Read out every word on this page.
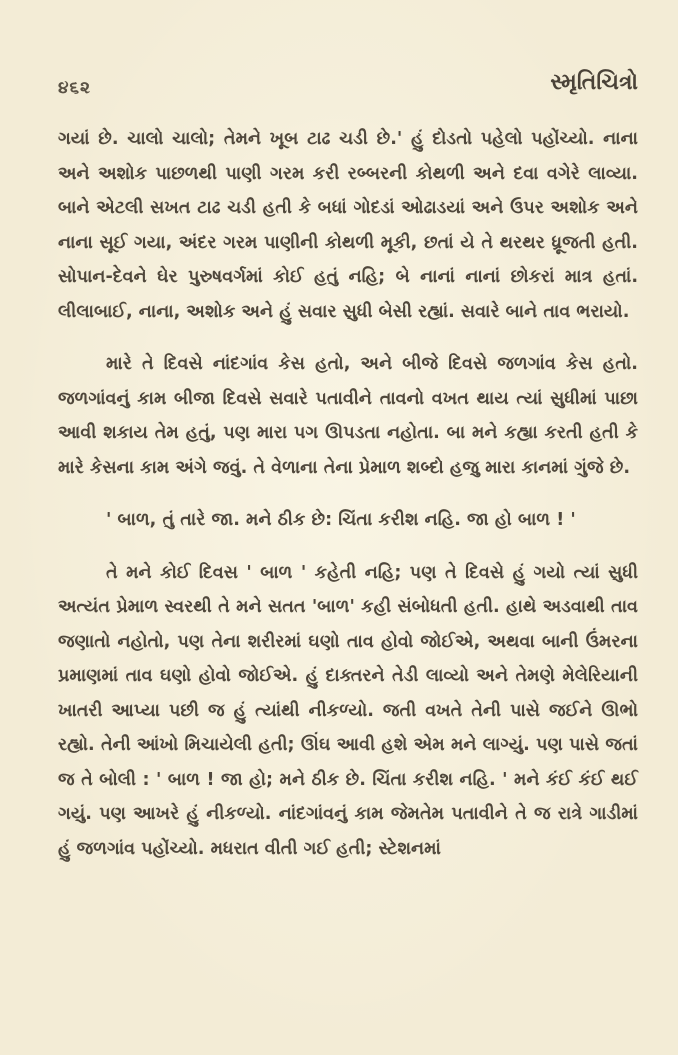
૪૬૨	સ્મૃતિચિત્રો

ગયાં છે. ચાલો ચાલો; તેમને ખૂબ ટાઢ ચડી છે.' હું દોડતો પહેલો પહોંચ્યો. નાના અને અશોક પાછળથી પાણી ગરમ કરી રબ્બરની કોથળી અને દવા વગેરે લાવ્યા. બાને એટલી સખત ટાઢ ચડી હતી કે બધાં ગોદડાં ઓઢાડયાં અને ઉપર અશોક અને નાના સૂઈ ગયા, અંદર ગરમ પાણીની કોથળી મૂકી, છતાં યે તે થરથર ધ્રૂજતી હતી. સોપાન-દેવને ઘેર પુરુષવર્ગમાં કોઈ હતું નહિ; બે નાનાં નાનાં છોકરાં માત્ર હતાં. લીલાબાઈ, નાના, અશોક અને હું સવાર સુધી બેસી રહ્યાં. સવારે બાને તાવ ભરાયો.

મારે તે દિવસે નાંદગાંવ કેસ હતો, અને બીજે દિવસે જળગાંવ કેસ હતો. જળગાંવનું કામ બીજા દિવસે સવારે પતાવીને તાવનો વખત થાય ત્યાં સુધીમાં પાછા આવી શકાય તેમ હતું, પણ મારા પગ ઊપડતા નહોતા. બા મને કહ્યા કરતી હતી કે મારે કેસના કામ અંગે જવું. તે વેળાના તેના પ્રેમાળ શબ્દો હજુ મારા કાનમાં ગુંજે છે.

' બાળ, તું તારે જા. મને ઠીક છે: ચિંતા કરીશ નહિ. જા હો બાળ ! '

તે મને કોઈ દિવસ ' બાળ ' કહેતી નહિ; પણ તે દિવસે હું ગયો ત્યાં સુધી અત્યંત પ્રેમાળ સ્વરથી તે મને સતત 'બાળ' કહી સંબોધતી હતી. હાથે અડવાથી તાવ જણાતો નહોતો, પણ તેના શરીરમાં ઘણો તાવ હોવો જોઈએ, અથવા બાની ઉંમરના પ્રમાણમાં તાવ ઘણો હોવો જોઈએ. હું દાક્તરને તેડી લાવ્યો અને તેમણે મેલેરિયાની ખાતરી આપ્યા પછી જ હું ત્યાંથી નીકળ્યો. જતી વખતે તેની પાસે જઈને ઊભો રહ્યો. તેની આંખો મિચાયેલી હતી; ઊંઘ આવી હશે એમ મને લાગ્યું. પણ પાસે જતાં જ તે બોલી : ' બાળ ! જા હો; મને ઠીક છે. ચિંતા કરીશ નહિ. ' મને કંઈ કંઈ થઈ ગયું. પણ આખરે હું નીકળ્યો. નાંદગાંવનું કામ જેમતેમ પતાવીને તે જ રાત્રે ગાડીમાં હું જળગાંવ પહોંચ્યો. મધરાત વીતી ગઈ હતી; સ્ટેશનમાં
